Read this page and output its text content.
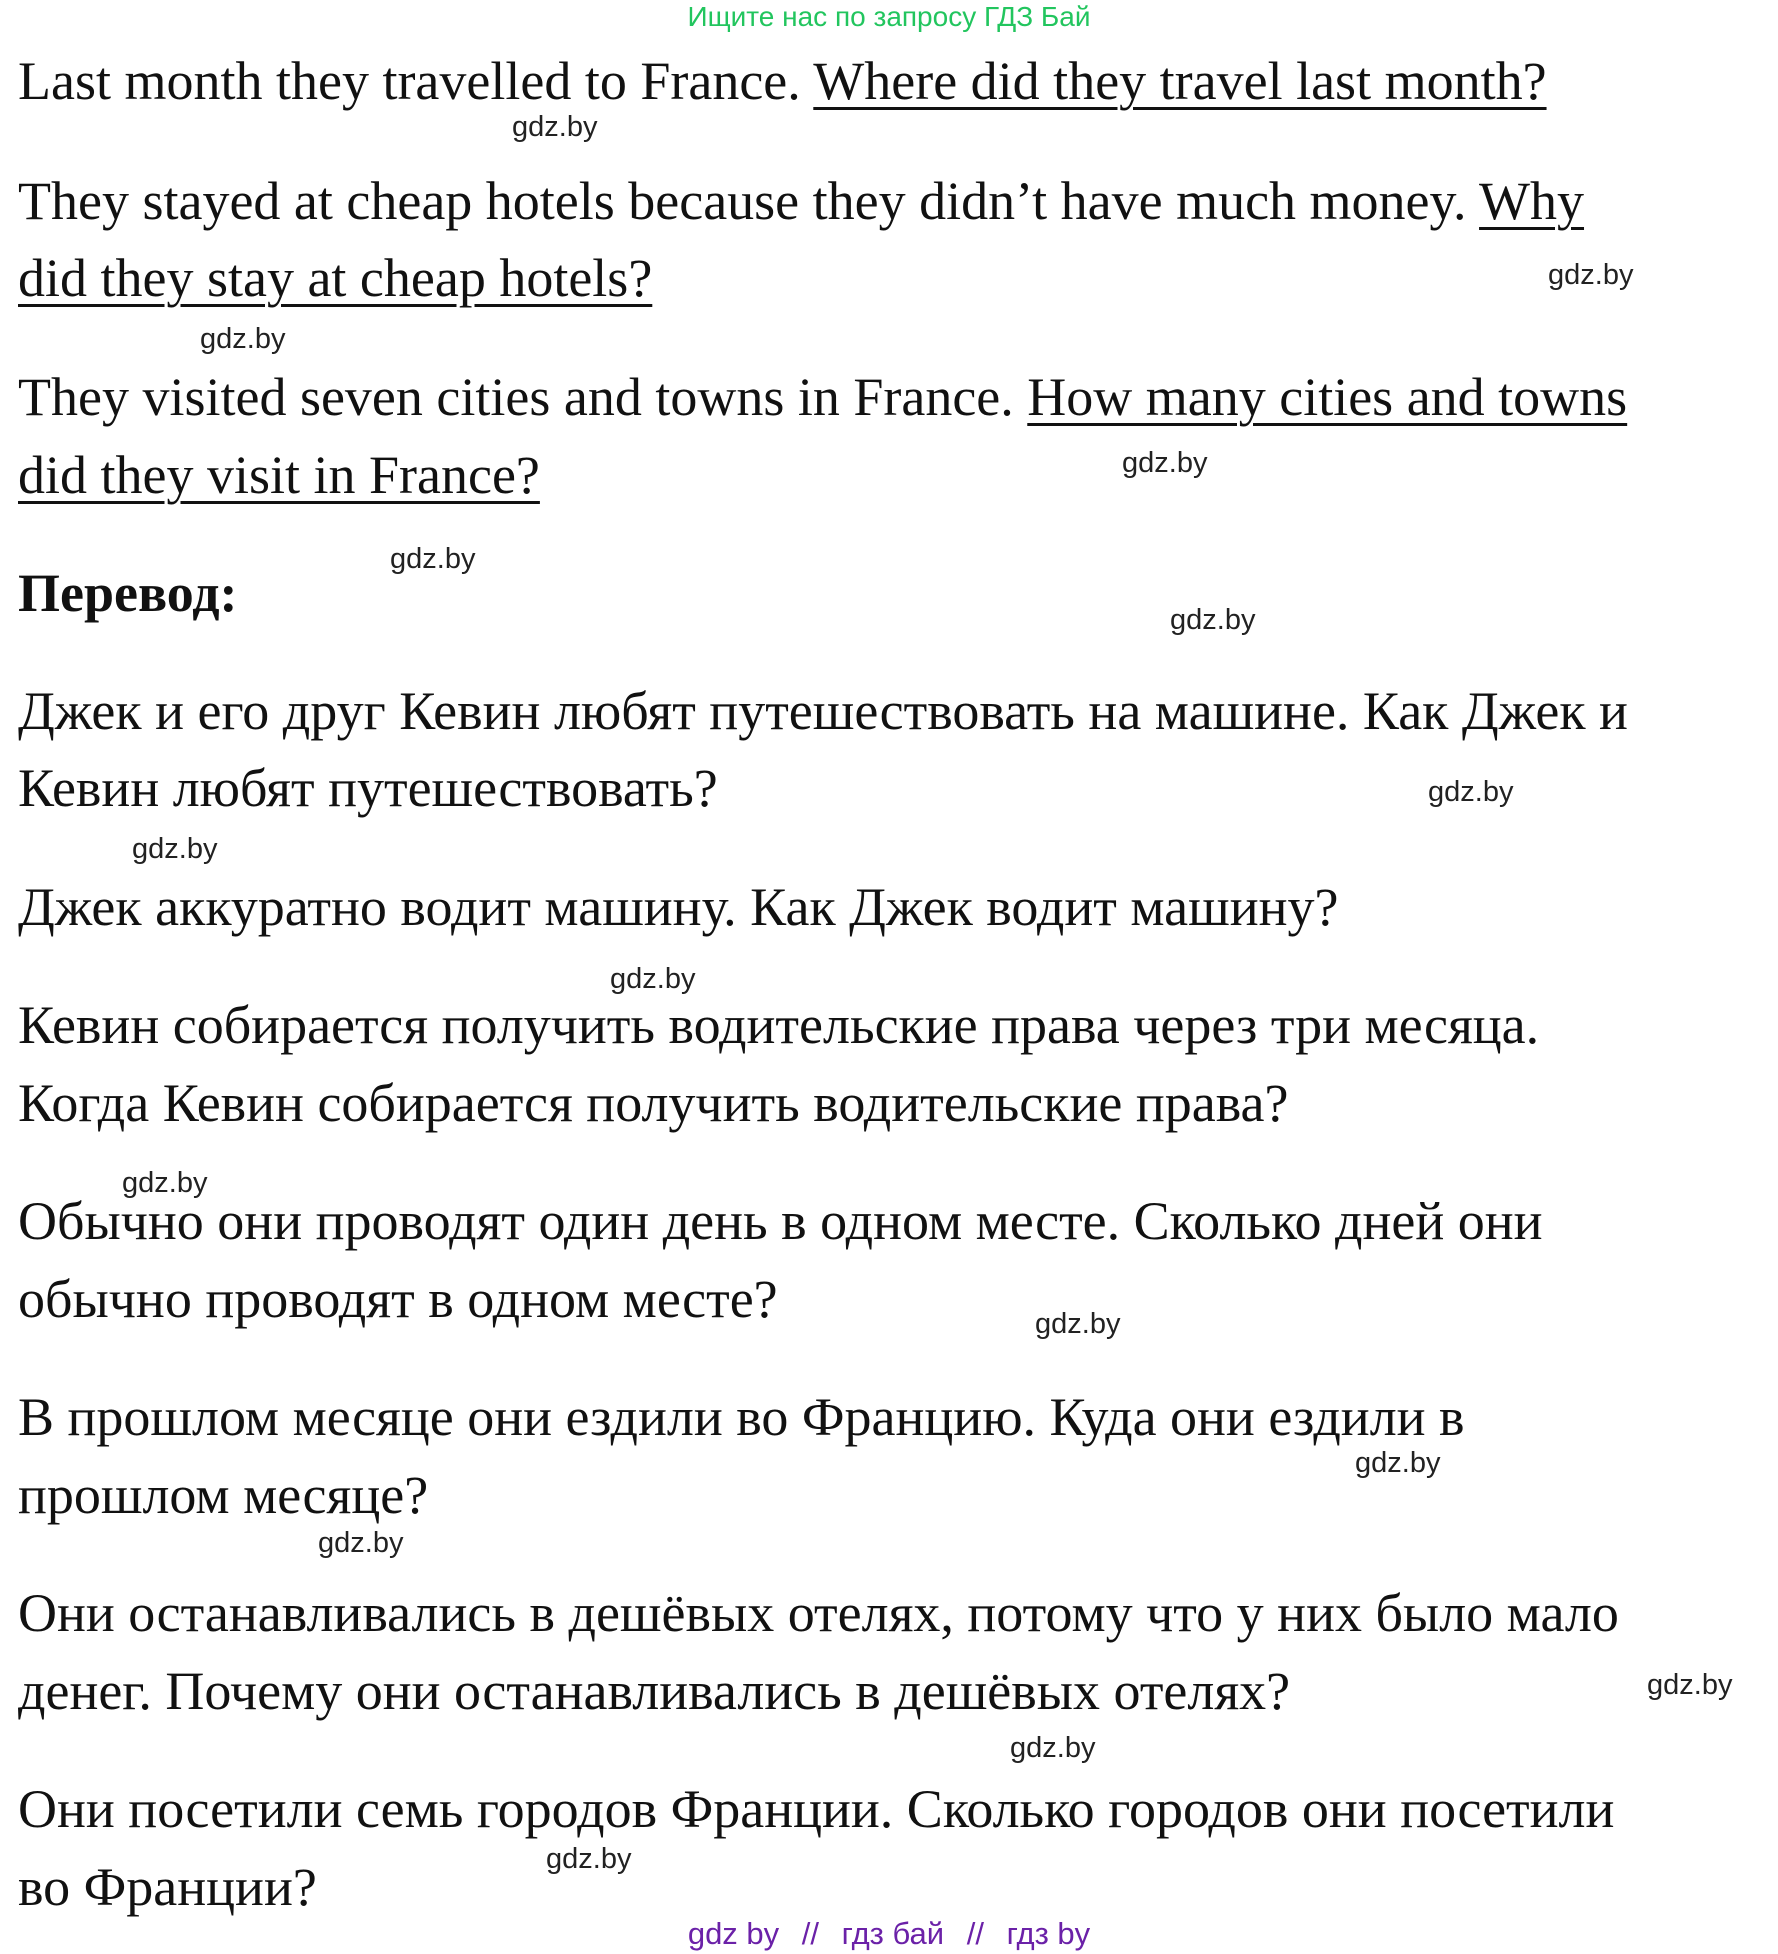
Ищите нас по запросу ГДЗ Бай
Last month they travelled to France. Where did they travel last month?
They stayed at cheap hotels because they didn’t have much money. Why
did they stay at cheap hotels?
They visited seven cities and towns in France. How many cities and towns
did they visit in France?
Перевод:
Джек и его друг Кевин любят путешествовать на машине. Как Джек и
Кевин любят путешествовать?
Джек аккуратно водит машину. Как Джек водит машину?
Кевин собирается получить водительские права через три месяца.
Когда Кевин собирается получить водительские права?
Обычно они проводят один день в одном месте. Сколько дней они
обычно проводят в одном месте?
В прошлом месяце они ездили во Францию. Куда они ездили в
прошлом месяце?
Они останавливались в дешёвых отелях, потому что у них было мало
денег. Почему они останавливались в дешёвых отелях?
Они посетили семь городов Франции. Сколько городов они посетили
во Франции?
gdz.by
gdz.by
gdz.by
gdz.by
gdz.by
gdz.by
gdz.by
gdz.by
gdz.by
gdz.by
gdz.by
gdz.by
gdz.by
gdz.by
gdz.by
gdz.by
gdz by // гдз бай // гдз by
